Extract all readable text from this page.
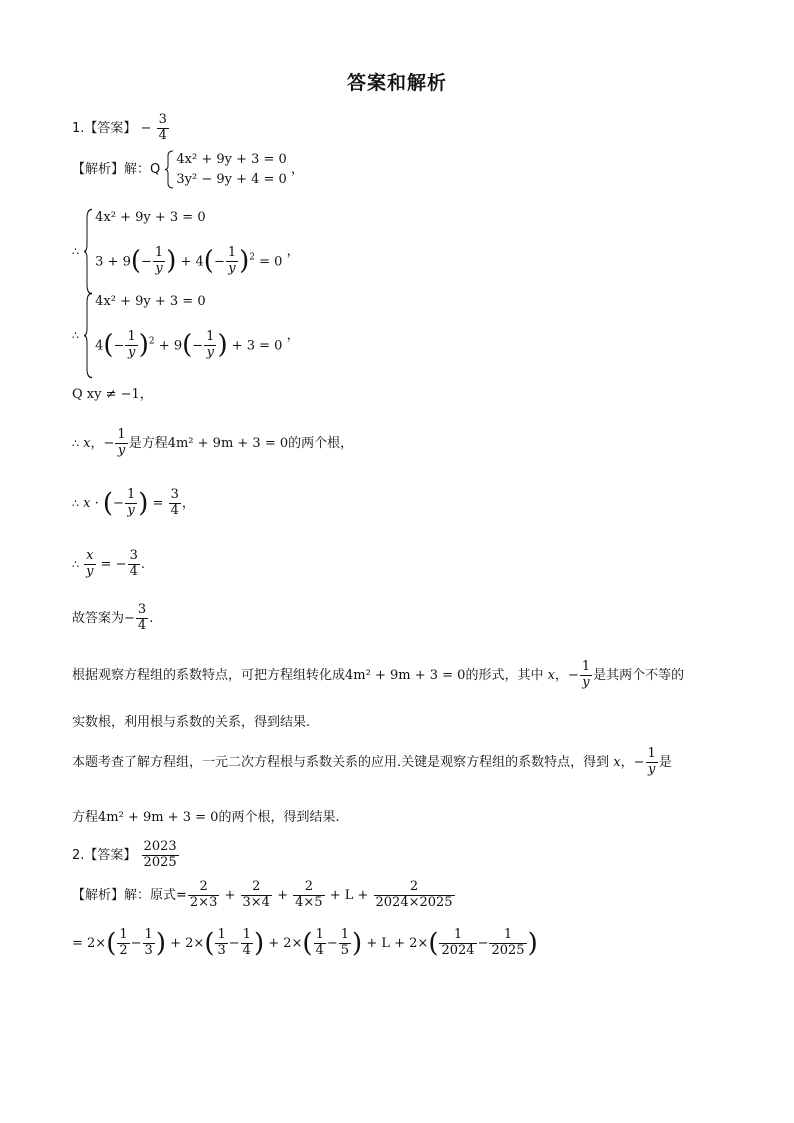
答案和解析
1.【答案】 − $\frac{3}{4}$
【解析】解：Q
4x² + 9y + 3 = 0
3y² − 9y + 4 = 0
，
∴
4x² + 9y + 3 = 0
$3 + 9(- \frac{1}{y}$ ) + $4(- \frac{1}{y} )^2 = 0$
，
∴
4x² + 9y + 3 = 0
$4(- \frac{1}{y} )^2 + 9(- \frac{1}{y}$ ) + 3 = 0
，
Q xy ≠ −1，
∴ x，− $\frac{1}{y}$ 是方程4m² + 9m + 3 = 0的两个根，
∴ x · (− $\frac{1}{y}$ ) = $\frac{3}{4}$ ，
∴ $\frac{x}{y}$ = − $\frac{3}{4}$ .
故答案为− $\frac{3}{4}$ .
根据观察方程组的系数特点，可把方程组转化成4m² + 9m + 3 = 0的形式，其中 x，− $\frac{1}{y}$ 是其两个不等的
实数根，利用根与系数的关系，得到结果.
本题考查了解方程组，一元二次方程根与系数关系的应用.关键是观察方程组的系数特点，得到 x，− $\frac{1}{y}$ 是
方程4m² + 9m + 3 = 0的两个根，得到结果.
2.【答案】 $\frac{2023}{2025}$
【解析】解：原式= $\frac{2}{2\times 3} + \frac{2}{3\times 4} + \frac{2}{4\times 5} + L + \frac{2}{2024\times 2025}$
= $2\times( \frac{1}{2} - \frac{1}{3}$ ) + $2\times( \frac{1}{3} - \frac{1}{4}$ ) + $2\times( \frac{1}{4} - \frac{1}{5}$ ) + $L + 2\times( \frac{1}{2024} - \frac{1}{2025}$ )
